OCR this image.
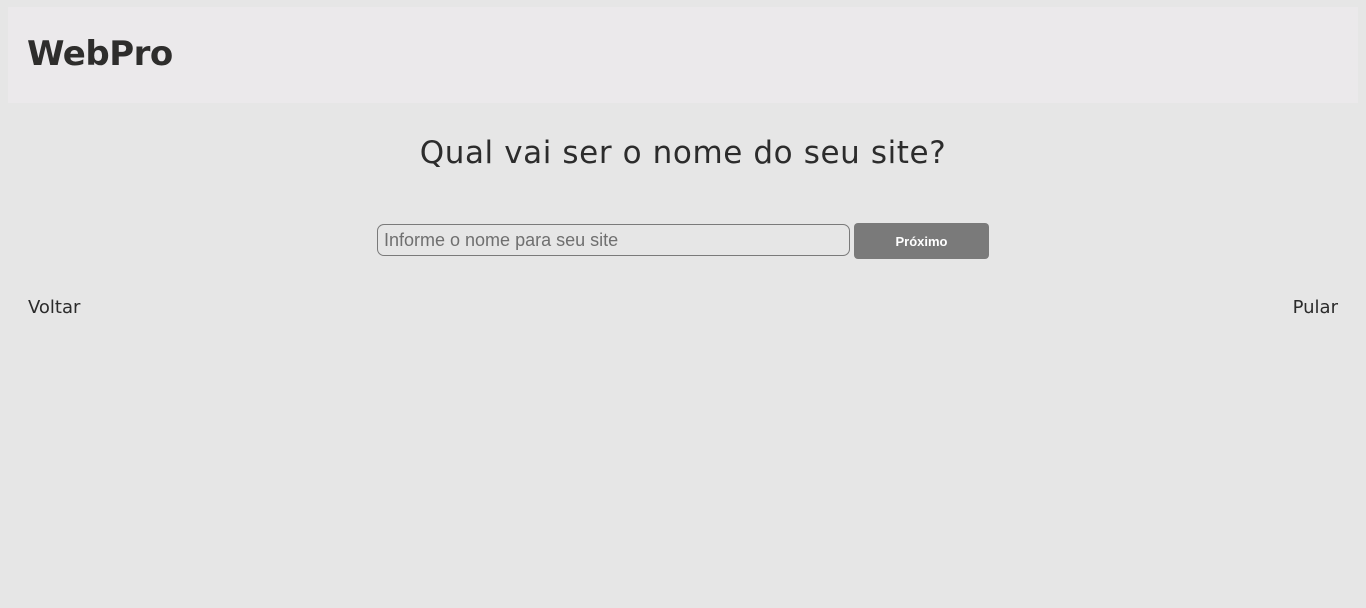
WebPro
Qual vai ser o nome do seu site?
Informe o nome para seu site
Próximo
Voltar	Pular
